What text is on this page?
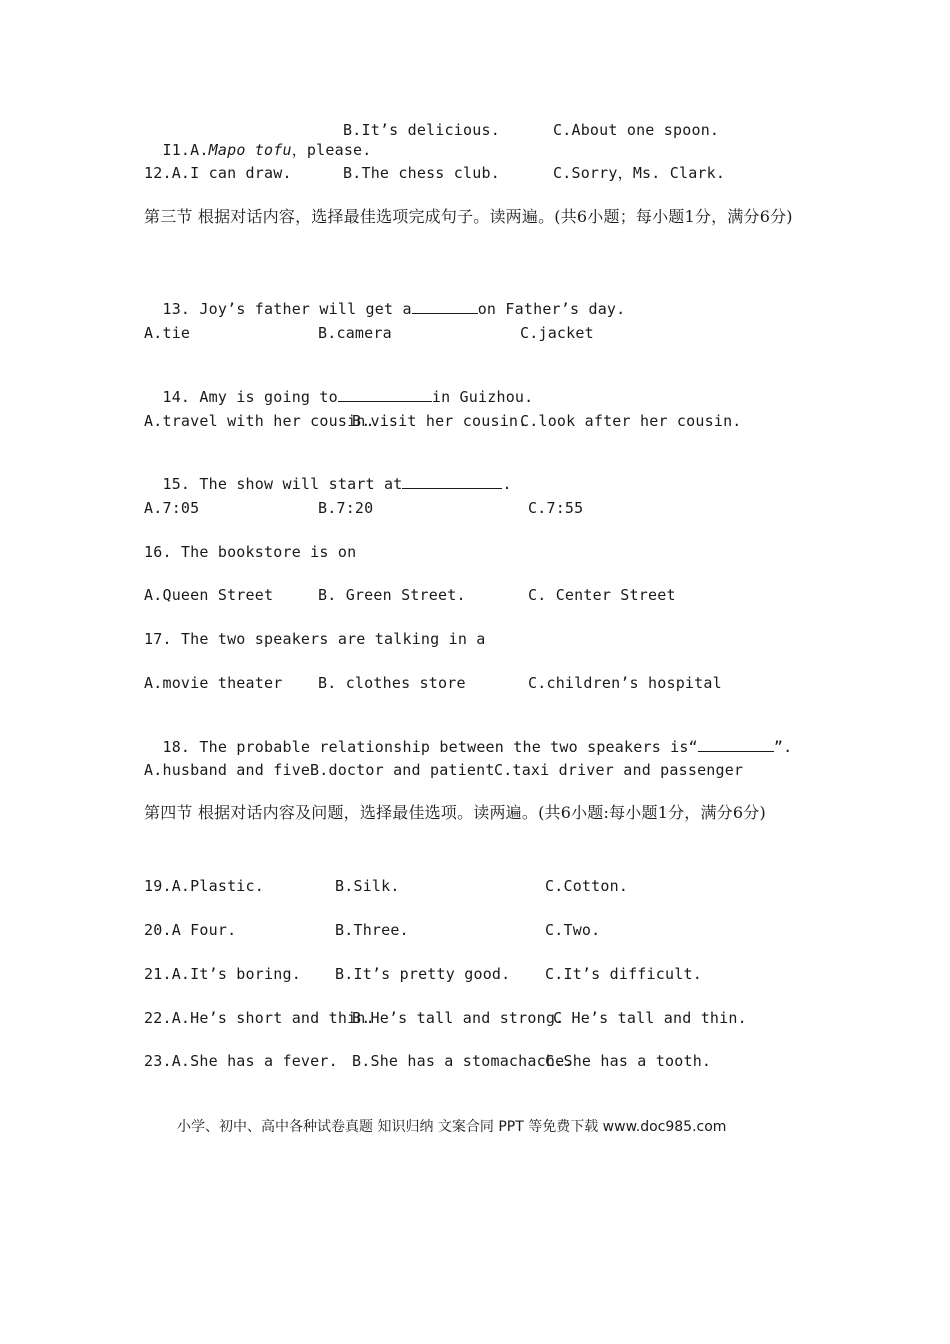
I1.A.Mapo tofu，please.

B.It’s delicious.	C.About one spoon.
12.A.I can draw.	B.The chess club.	C.Sorry，Ms. Clark.
第三节 根据对话内容，选择最佳选项完成句子。读两遍。(共6小题；每小题1分，满分6分)

13. Joy’s father will get a	on Father’s day.

A.tie	B.camera	C.jacket

14. Amy is going to	in Guizhou.

A.travel with her cousin.
B.visit her cousin.
C.look after her cousin.

15. The show will start at	.

A.7:05	B.7:20	C.7:55
16. The bookstore is on
A.Queen Street	B. Green Street.	C. Center Street
17. The two speakers are talking in a
A.movie theater B. clothes store	C.children’s hospital

18. The probable relationship between the two speakers is“	”.

A.husband and five B.doctor and patient C.taxi driver and passenger
第四节 根据对话内容及问题，选择最佳选项。读两遍。(共6小题:每小题1分，满分6分)
19.A.Plastic.	B.Silk.	C.Cotton.
20.A Four.	B.Three.	C.Two.
21.A.It’s boring. B.It’s pretty good. C.It’s difficult.
22.A.He’s short and thin.
B.He’s tall and strong.
C He’s tall and thin.
23.A.She has a fever. B.She has a stomachache.
C.She has a tooth.
小学、初中、高中各种试卷真题 知识归纳 文案合同 PPT 等免费下载 www.doc985.com
